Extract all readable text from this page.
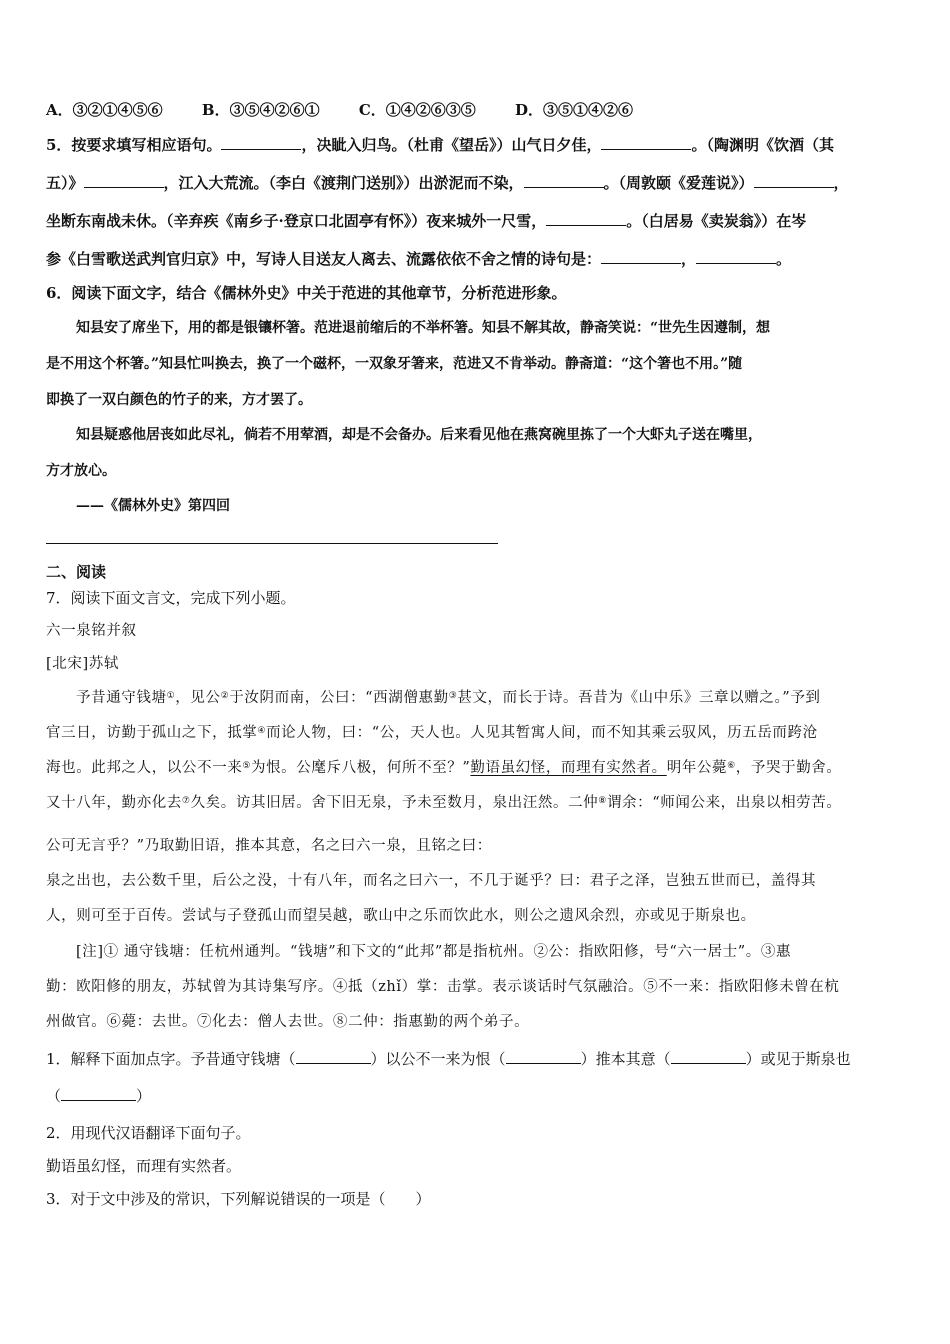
A．③②①④⑤⑥	B．③⑤④②⑥①	C．①④②⑥③⑤	D．③⑤①④②⑥
5．按要求填写相应语句。	，决眦入归鸟。（杜甫《望岳》）山气日夕佳，	。（陶渊明《饮酒（其
五）》	，江入大荒流。（李白《渡荆门送别》）出淤泥而不染，	。（周敦颐《爱莲说》）	，
坐断东南战未休。（辛弃疾《南乡子·登京口北固亭有怀》）夜来城外一尺雪，	。（白居易《卖炭翁》）在岑
参《白雪歌送武判官归京》中，写诗人目送友人离去、流露依依不舍之情的诗句是：	，	。
6．阅读下面文字，结合《儒林外史》中关于范进的其他章节，分析范进形象。
知县安了席坐下，用的都是银镶杯箸。范进退前缩后的不举杯箸。知县不解其故，静斋笑说：“世先生因遵制，想
是不用这个杯箸。”知县忙叫换去，换了一个磁杯，一双象牙箸来，范进又不肯举动。静斋道：“这个箸也不用。”随
即换了一双白颜色的竹子的来，方才罢了。
知县疑惑他居丧如此尽礼，倘若不用荤酒，却是不会备办。后来看见他在燕窝碗里拣了一个大虾丸子送在嘴里，
方才放心。
——《儒林外史》第四回
二、阅读
7．阅读下面文言文，完成下列小题。
六一泉铭并叙
[北宋]苏轼
予昔通守钱塘①，见公②于汝阴而南，公曰：“西湖僧惠勤③甚文，而长于诗。吾昔为《山中乐》三章以赠之。”予到
官三日，访勤于孤山之下，抵掌④而论人物，曰：“公，天人也。人见其暂寓人间，而不知其乘云驭风，历五岳而跨沧
海也。此邦之人，以公不一来⑤为恨。公麾斥八极，何所不至？”勤语虽幻怪，而理有实然者。明年公薨⑥，予哭于勤舍。
又十八年，勤亦化去⑦久矣。访其旧居。舍下旧无泉，予未至数月，泉出汪然。二仲⑧谓余：“师闻公来，出泉以相劳苦。
公可无言乎？”乃取勤旧语，推本其意，名之曰六一泉，且铭之曰：
泉之出也，去公数千里，后公之没，十有八年，而名之曰六一，不几于诞乎？曰：君子之泽，岂独五世而已，盖得其
人，则可至于百传。尝试与子登孤山而望吴越，歌山中之乐而饮此水，则公之遗风余烈，亦或见于斯泉也。
[注]① 通守钱塘：任杭州通判。“钱塘”和下文的“此邦”都是指杭州。②公：指欧阳修，号“六一居士”。③惠
勤：欧阳修的朋友，苏轼曾为其诗集写序。④抵（zhǐ）掌：击掌。表示谈话时气氛融洽。⑤不一来：指欧阳修未曾在杭
州做官。⑥薨：去世。⑦化去：僧人去世。⑧二仲：指惠勤的两个弟子。
1．解释下面加点字。予昔通守钱塘（	）以公不一来为恨（	）推本其意（	）或见于斯泉也
（	）
2．用现代汉语翻译下面句子。
勤语虽幻怪，而理有实然者。
3．对于文中涉及的常识，下列解说错误的一项是（　　）
